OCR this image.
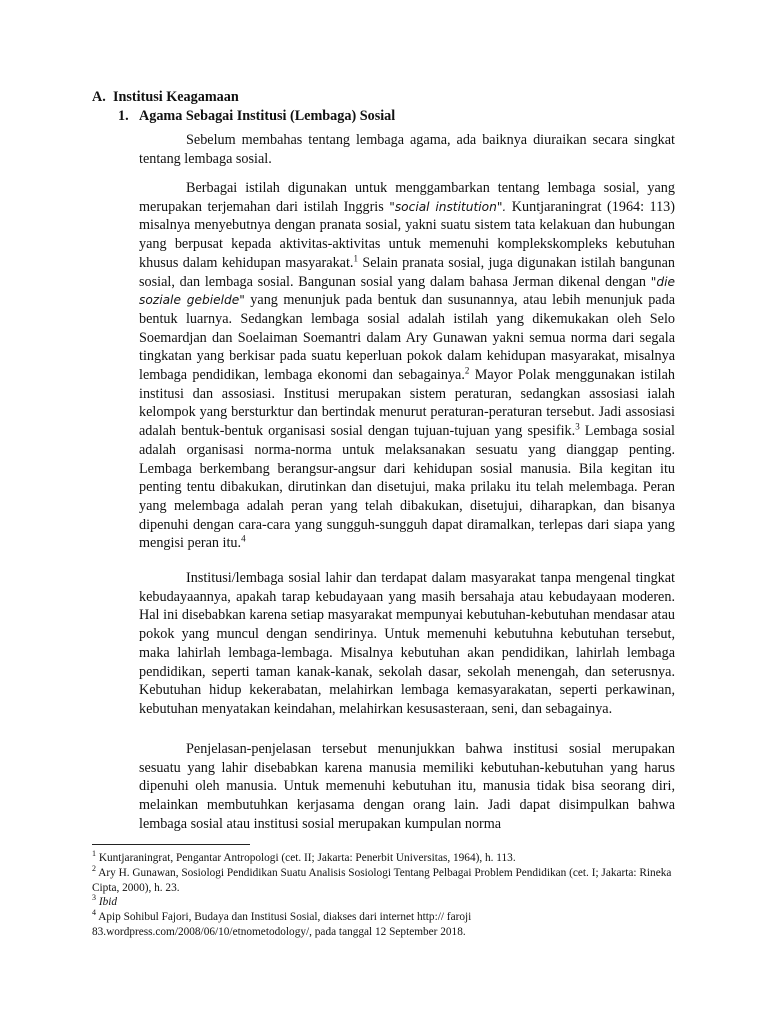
A. Institusi Keagamaan
1. Agama Sebagai Institusi (Lembaga) Sosial

Sebelum membahas tentang lembaga agama, ada baiknya diuraikan secara singkat tentang lembaga sosial.

Berbagai istilah digunakan untuk menggambarkan tentang lembaga sosial, yang merupakan terjemahan dari istilah Inggris "social institution". Kuntjaraningrat (1964: 113) misalnya menyebutnya dengan pranata sosial, yakni suatu sistem tata kelakuan dan hubungan yang berpusat kepada aktivitas-aktivitas untuk memenuhi komplekskompleks kebutuhan khusus dalam kehidupan masyarakat.$^1$ Selain pranata sosial, juga digunakan istilah bangunan sosial, dan lembaga sosial. Bangunan sosial yang dalam bahasa Jerman dikenal dengan "die soziale gebielde" yang menunjuk pada bentuk dan susunannya, atau lebih menunjuk pada bentuk luarnya. Sedangkan lembaga sosial adalah istilah yang dikemukakan oleh Selo Soemardjan dan Soelaiman Soemantri dalam Ary Gunawan yakni semua norma dari segala tingkatan yang berkisar pada suatu keperluan pokok dalam kehidupan masyarakat, misalnya lembaga pendidikan, lembaga ekonomi dan sebagainya.$^2$ Mayor Polak menggunakan istilah institusi dan assosiasi. Institusi merupakan sistem peraturan, sedangkan assosiasi ialah kelompok yang bersturktur dan bertindak menurut peraturan-peraturan tersebut. Jadi assosiasi adalah bentuk-bentuk organisasi sosial dengan tujuan-tujuan yang spesifik.$^3$ Lembaga sosial adalah organisasi norma-norma untuk melaksanakan sesuatu yang dianggap penting. Lembaga berkembang berangsur-angsur dari kehidupan sosial manusia. Bila kegitan itu penting tentu dibakukan, dirutinkan dan disetujui, maka prilaku itu telah melembaga. Peran yang melembaga adalah peran yang telah dibakukan, disetujui, diharapkan, dan bisanya dipenuhi dengan cara-cara yang sungguh-sungguh dapat diramalkan, terlepas dari siapa yang mengisi peran itu.$^4$

Institusi/lembaga sosial lahir dan terdapat dalam masyarakat tanpa mengenal tingkat kebudayaannya, apakah tarap kebudayaan yang masih bersahaja atau kebudayaan moderen. Hal ini disebabkan karena setiap masyarakat mempunyai kebutuhan-kebutuhan mendasar atau pokok yang muncul dengan sendirinya. Untuk memenuhi kebutuhna kebutuhan tersebut, maka lahirlah lembaga-lembaga. Misalnya kebutuhan akan pendidikan, lahirlah lembaga pendidikan, seperti taman kanak-kanak, sekolah dasar, sekolah menengah, dan seterusnya. Kebutuhan hidup kekerabatan, melahirkan lembaga kemasyarakatan, seperti perkawinan, kebutuhan menyatakan keindahan, melahirkan kesusasteraan, seni, dan sebagainya.

Penjelasan-penjelasan tersebut menunjukkan bahwa institusi sosial merupakan sesuatu yang lahir disebabkan karena manusia memiliki kebutuhan-kebutuhan yang harus dipenuhi oleh manusia. Untuk memenuhi kebutuhan itu, manusia tidak bisa seorang diri, melainkan membutuhkan kerjasama dengan orang lain. Jadi dapat disimpulkan bahwa lembaga sosial atau institusi sosial merupakan kumpulan norma

$^1$ Kuntjaraningrat, Pengantar Antropologi (cet. II; Jakarta: Penerbit Universitas, 1964), h. 113.

$^2$ Ary H. Gunawan, Sosiologi Pendidikan Suatu Analisis Sosiologi Tentang Pelbagai Problem Pendidikan (cet. I; Jakarta: Rineka Cipta, 2000), h. 23.

$^3$ Ibid

$^4$ Apip Sohibul Fajori, Budaya dan Institusi Sosial, diakses dari internet http:// faroji 83.wordpress.com/2008/06/10/etnometodology/, pada tanggal 12 September 2018.
